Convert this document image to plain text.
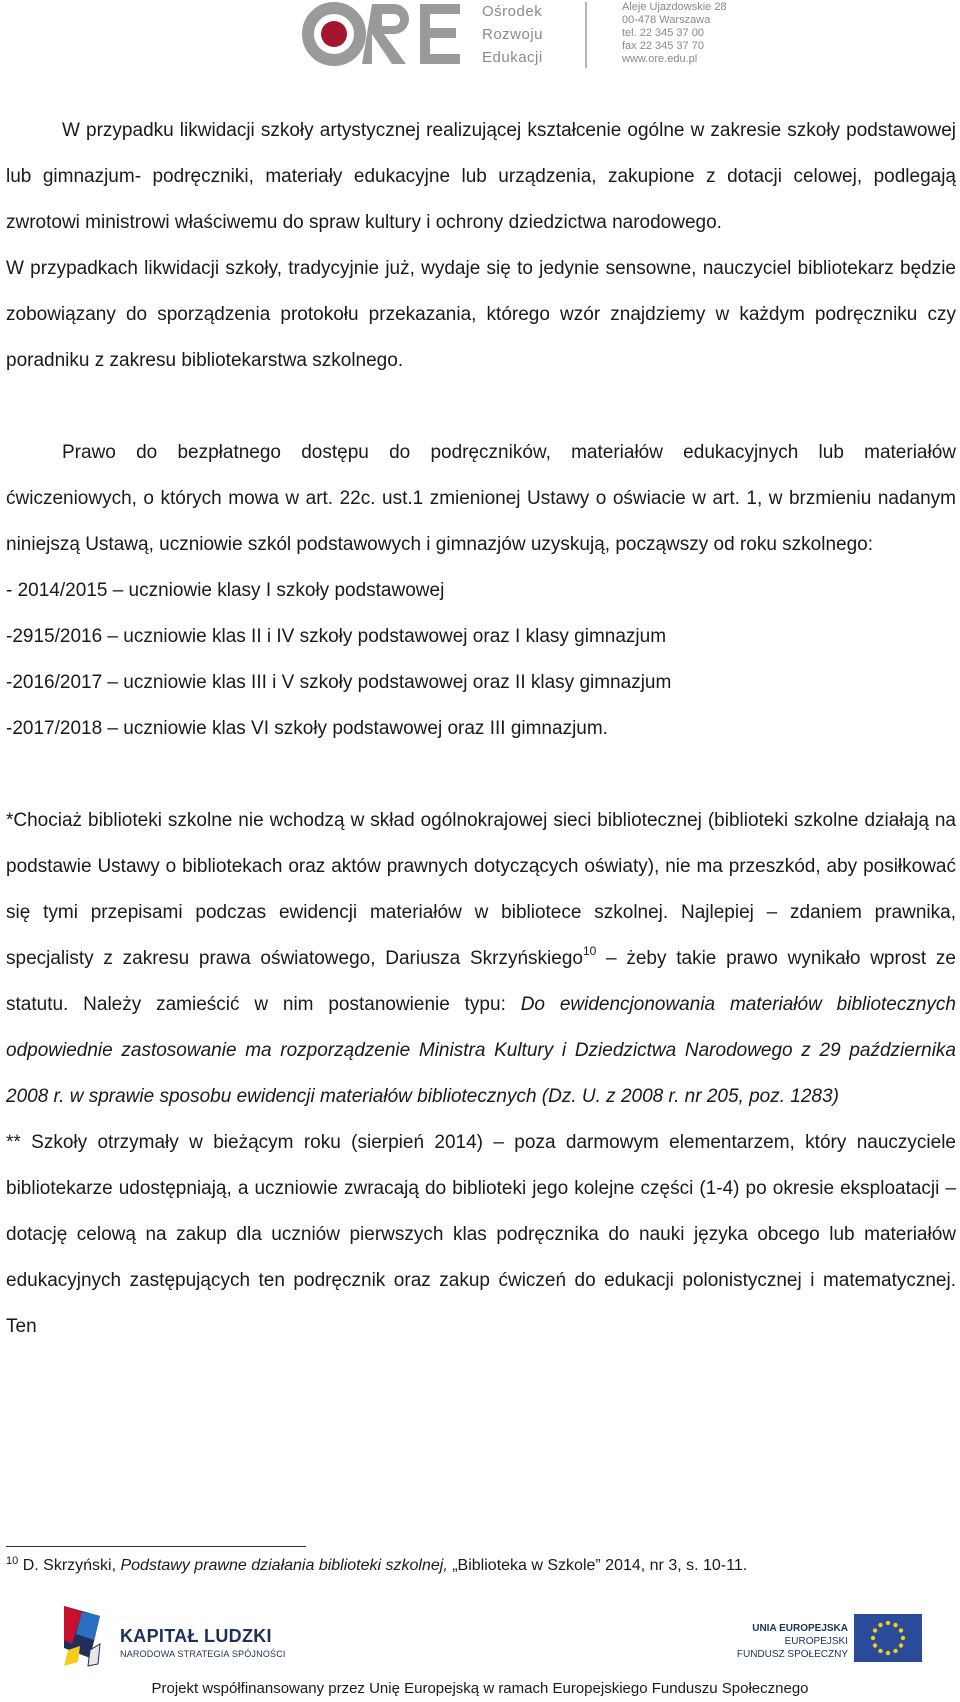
Ośrodek
Rozwoju
Edukacji
Aleje Ujazdowskie 28
00-478 Warszawa
tel. 22 345 37 00
fax 22 345 37 70
www.ore.edu.pl

W przypadku likwidacji szkoły artystycznej realizującej kształcenie ogólne w zakresie szkoły podstawowej lub gimnazjum- podręczniki, materiały edukacyjne lub urządzenia, zakupione z dotacji celowej, podlegają zwrotowi ministrowi właściwemu do spraw kultury i ochrony dziedzictwa narodowego.

W przypadkach likwidacji szkoły, tradycyjnie już, wydaje się to jedynie sensowne, nauczyciel bibliotekarz będzie zobowiązany do sporządzenia protokołu przekazania, którego wzór znajdziemy w każdym podręczniku czy poradniku z zakresu bibliotekarstwa szkolnego.

Prawo do bezpłatnego dostępu do podręczników, materiałów edukacyjnych lub materiałów ćwiczeniowych, o których mowa w art. 22c. ust.1 zmienionej Ustawy o oświacie w art. 1, w brzmieniu nadanym niniejszą Ustawą, uczniowie szkól podstawowych i gimnazjów uzyskują, począwszy od roku szkolnego:

- 2014/2015 – uczniowie klasy I szkoły podstawowej
-2915/2016 – uczniowie klas II i IV szkoły podstawowej oraz I klasy gimnazjum
-2016/2017 – uczniowie klas III i V szkoły podstawowej oraz II klasy gimnazjum
-2017/2018 – uczniowie klas VI szkoły podstawowej oraz III gimnazjum.

*Chociaż biblioteki szkolne nie wchodzą w skład ogólnokrajowej sieci bibliotecznej (biblioteki szkolne działają na podstawie Ustawy o bibliotekach oraz aktów prawnych dotyczących oświaty), nie ma przeszkód, aby posiłkować się tymi przepisami podczas ewidencji materiałów w bibliotece szkolnej. Najlepiej – zdaniem prawnika, specjalisty z zakresu prawa oświatowego, Dariusza Skrzyńskiego$^{10}$ – żeby takie prawo wynikało wprost ze statutu. Należy zamieścić w nim postanowienie typu: Do ewidencjonowania materiałów bibliotecznych odpowiednie zastosowanie ma rozporządzenie Ministra Kultury i Dziedzictwa Narodowego z 29 października 2008 r. w sprawie sposobu ewidencji materiałów bibliotecznych (Dz. U. z 2008 r. nr 205, poz. 1283)

** Szkoły otrzymały w bieżącym roku (sierpień 2014) – poza darmowym elementarzem, który nauczyciele bibliotekarze udostępniają, a uczniowie zwracają do biblioteki jego kolejne części (1-4) po okresie eksploatacji – dotację celową na zakup dla uczniów pierwszych klas podręcznika do nauki języka obcego lub materiałów edukacyjnych zastępujących ten podręcznik oraz zakup ćwiczeń do edukacji polonistycznej i matematycznej. Ten

$^{10}$ D. Skrzyński, Podstawy prawne działania biblioteki szkolnej, „Biblioteka w Szkole” 2014, nr 3, s. 10-11.
KAPITAŁ LUDZKI
NARODOWA STRATEGIA SPÓJNOŚCI
UNIA EUROPEJSKA
EUROPEJSKI
FUNDUSZ SPOŁECZNY
Projekt współfinansowany przez Unię Europejską w ramach Europejskiego Funduszu Społecznego
